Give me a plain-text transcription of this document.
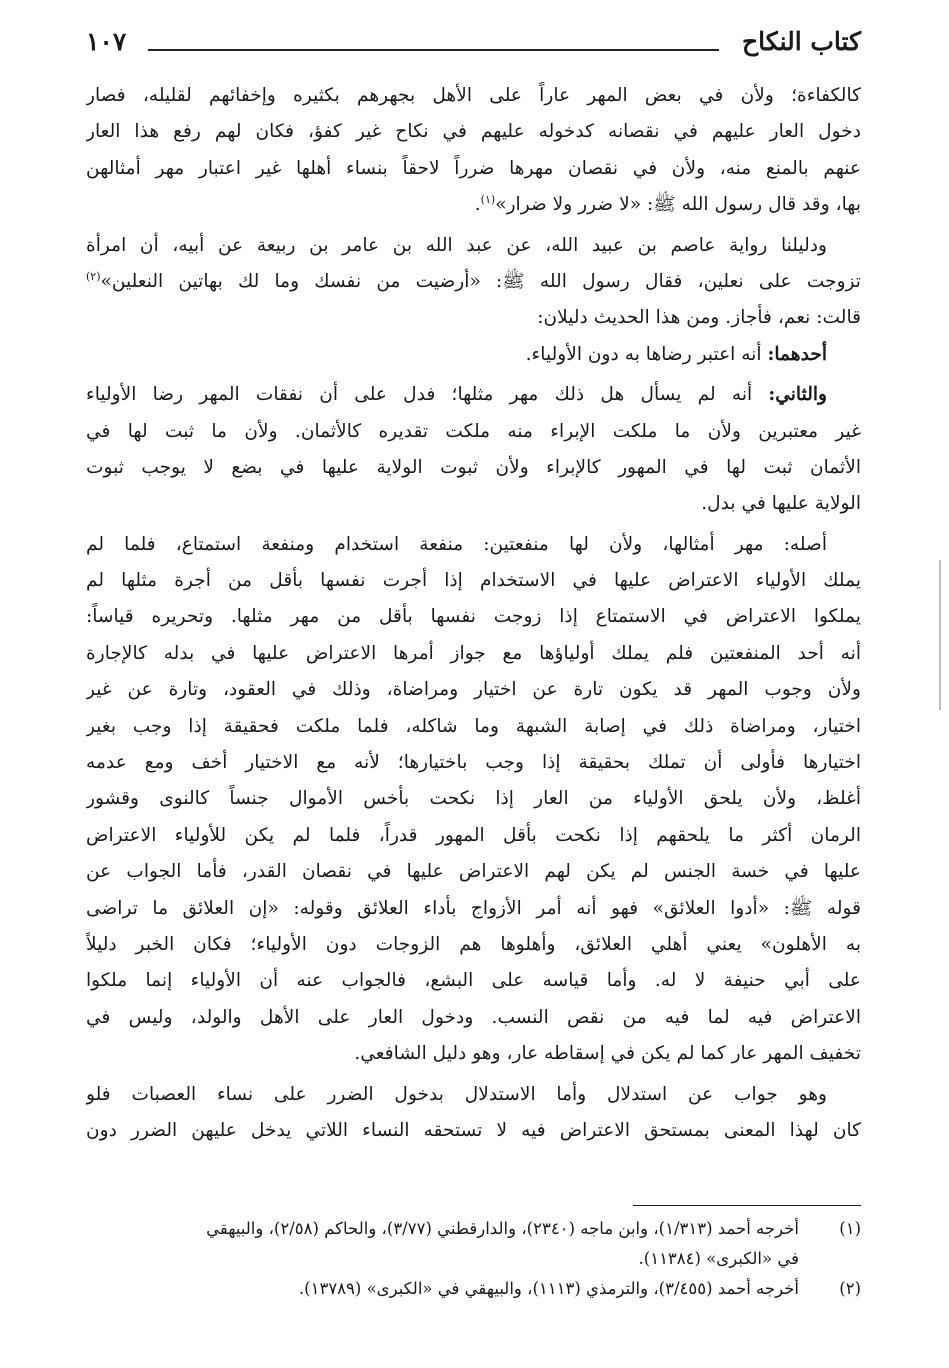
كتاب النكاح
١٠٧
كالكفاءة؛ ولأن في بعض المهر عاراً على الأهل بجهرهم بكثيره وإخفائهم لقليله، فصار
دخول العار عليهم في نقصانه كدخوله عليهم في نكاح غير كفؤ، فكان لهم رفع هذا العار
عنهم بالمنع منه، ولأن في نقصان مهرها ضرراً لاحقاً بنساء أهلها غير اعتبار مهر أمثالهن
بها، وقد قال رسول الله ﷺ: «لا ضرر ولا ضرار»$^{(١)}$.
ودليلنا رواية عاصم بن عبيد الله، عن عبد الله بن عامر بن ربيعة عن أبيه، أن امرأة
تزوجت على نعلين، فقال رسول الله ﷺ: «أرضيت من نفسك وما لك بهاتين النعلين»$^{(٢)}$
قالت: نعم، فأجاز. ومن هذا الحديث دليلان:
أحدهما: أنه اعتبر رضاها به دون الأولياء.
والثاني: أنه لم يسأل هل ذلك مهر مثلها؛ فدل على أن نفقات المهر رضا الأولياء
غير معتبرين ولأن ما ملكت الإبراء منه ملكت تقديره كالأثمان. ولأن ما ثبت لها في
الأثمان ثبت لها في المهور كالإبراء ولأن ثبوت الولاية عليها في بضع لا يوجب ثبوت
الولاية عليها في بدل.
أصله: مهر أمثالها، ولأن لها منفعتين: منفعة استخدام ومنفعة استمتاع، فلما لم
يملك الأولياء الاعتراض عليها في الاستخدام إذا أجرت نفسها بأقل من أجرة مثلها لم
يملكوا الاعتراض في الاستمتاع إذا زوجت نفسها بأقل من مهر مثلها. وتحريره قياساً:
أنه أحد المنفعتين فلم يملك أولياؤها مع جواز أمرها الاعتراض عليها في بدله كالإجارة
ولأن وجوب المهر قد يكون تارة عن اختيار ومراضاة، وذلك في العقود، وتارة عن غير
اختيار، ومراضاة ذلك في إصابة الشبهة وما شاكله، فلما ملكت فحقيقة إذا وجب بغير
اختيارها فأولى أن تملك بحقيقة إذا وجب باختيارها؛ لأنه مع الاختيار أخف ومع عدمه
أغلظ، ولأن يلحق الأولياء من العار إذا نكحت بأخس الأموال جنساً كالنوى وقشور
الرمان أكثر ما يلحقهم إذا نكحت بأقل المهور قدراً، فلما لم يكن للأولياء الاعتراض
عليها في خسة الجنس لم يكن لهم الاعتراض عليها في نقصان القدر، فأما الجواب عن
قوله ﷺ: «أدوا العلائق» فهو أنه أمر الأزواج بأداء العلائق وقوله: «إن العلائق ما تراضى
به الأهلون» يعني أهلي العلائق، وأهلوها هم الزوجات دون الأولياء؛ فكان الخبر دليلاً
على أبي حنيفة لا له. وأما قياسه على البشع، فالجواب عنه أن الأولياء إنما ملكوا
الاعتراض فيه لما فيه من نقص النسب. ودخول العار على الأهل والولد، وليس في
تخفيف المهر عار كما لم يكن في إسقاطه عار، وهو دليل الشافعي.
وهو جواب عن استدلال وأما الاستدلال بدخول الضرر على نساء العصبات فلو
كان لهذا المعنى بمستحق الاعتراض فيه لا تستحقه النساء اللاتي يدخل عليهن الضرر دون
(١)
أخرجه أحمد (١/٣١٣)، وابن ماجه (٢٣٤٠)، والدارقطني (٣/٧٧)، والحاكم (٢/٥٨)، والبيهقي
في «الكبرى» (١١٣٨٤).
(٢)
أخرجه أحمد (٣/٤٥٥)، والترمذي (١١١٣)، والبيهقي في «الكبرى» (١٣٧٨٩).
